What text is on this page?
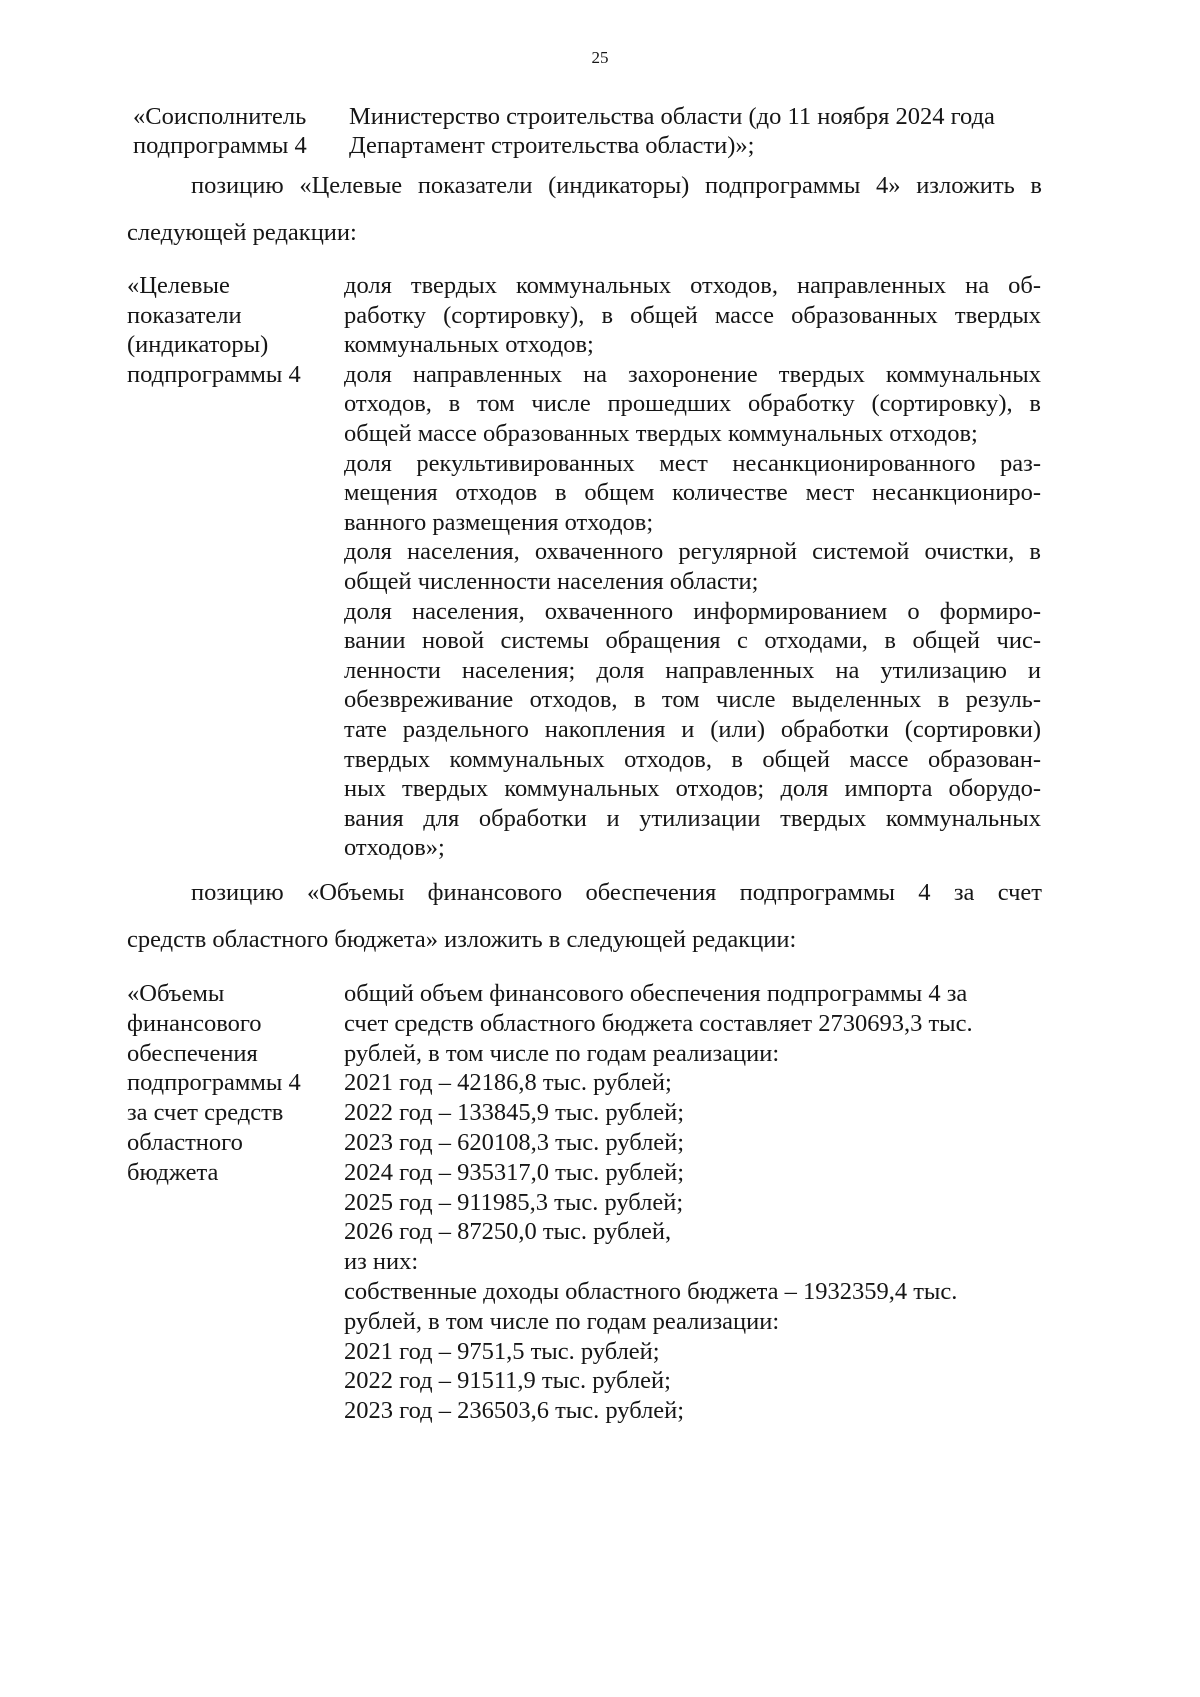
25
«Соисполнитель
подпрограммы 4
Министерство строительства области (до 11 ноября 2024 года
Департамент строительства области)»;
позицию «Целевые показатели (индикаторы) подпрограммы 4» изложить в
следующей редакции:
«Целевые
показатели
(индикаторы)
подпрограммы 4
доля твердых коммунальных отходов, направленных на об-
работку (сортировку), в общей массе образованных твердых
коммунальных отходов;
доля направленных на захоронение твердых коммунальных
отходов, в том числе прошедших обработку (сортировку), в
общей массе образованных твердых коммунальных отходов;
доля рекультивированных мест несанкционированного раз-
мещения отходов в общем количестве мест несанкциониро-
ванного размещения отходов;
доля населения, охваченного регулярной системой очистки, в
общей численности населения области;
доля населения, охваченного информированием о формиро-
вании новой системы обращения с отходами, в общей чис-
ленности населения; доля направленных на утилизацию и
обезвреживание отходов, в том числе выделенных в резуль-
тате раздельного накопления и (или) обработки (сортировки)
твердых коммунальных отходов, в общей массе образован-
ных твердых коммунальных отходов; доля импорта оборудо-
вания для обработки и утилизации твердых коммунальных
отходов»;
позицию «Объемы финансового обеспечения подпрограммы 4 за счет
средств областного бюджета» изложить в следующей редакции:
«Объемы
финансового
обеспечения
подпрограммы 4
за счет средств
областного
бюджета
общий объем финансового обеспечения подпрограммы 4 за
счет средств областного бюджета составляет 2730693,3 тыс.
рублей, в том числе по годам реализации:
2021 год – 42186,8 тыс. рублей;
2022 год – 133845,9 тыс. рублей;
2023 год – 620108,3 тыс. рублей;
2024 год – 935317,0 тыс. рублей;
2025 год – 911985,3 тыс. рублей;
2026 год – 87250,0 тыс. рублей,
из них:
собственные доходы областного бюджета – 1932359,4 тыс.
рублей, в том числе по годам реализации:
2021 год – 9751,5 тыс. рублей;
2022 год – 91511,9 тыс. рублей;
2023 год – 236503,6 тыс. рублей;
